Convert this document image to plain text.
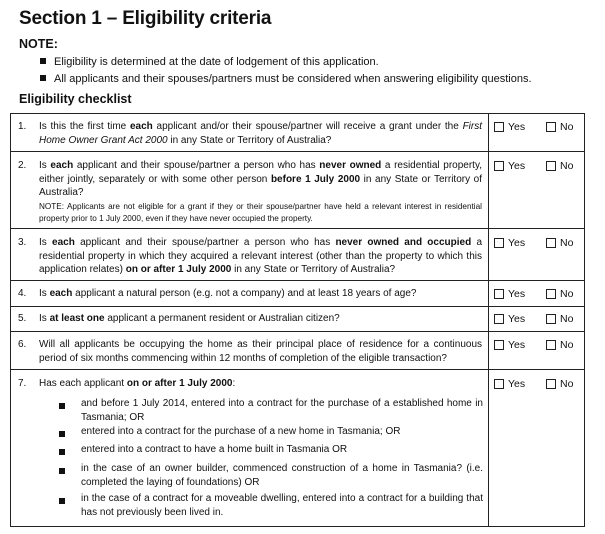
Section 1 – Eligibility criteria
NOTE:
Eligibility is determined at the date of lodgement of this application.
All applicants and their spouses/partners must be considered when answering eligibility questions.
Eligibility checklist
1. Is this the first time each applicant and/or their spouse/partner will receive a grant under the First Home Owner Grant Act 2000 in any State or Territory of Australia?
Yes	No
2. Is each applicant and their spouse/partner a person who has never owned a residential property, either jointly, separately or with some other person before 1 July 2000 in any State or Territory of Australia?
NOTE: Applicants are not eligible for a grant if they or their spouse/partner have held a relevant interest in residential property prior to 1 July 2000, even if they have never occupied the property.
Yes	No
3. Is each applicant and their spouse/partner a person who has never owned and occupied a residential property in which they acquired a relevant interest (other than the property to which this application relates) on or after 1 July 2000 in any State or Territory of Australia?
Yes	No
4. Is each applicant a natural person (e.g. not a company) and at least 18 years of age?	Yes	No
5. Is at least one applicant a permanent resident or Australian citizen?	Yes	No
6. Will all applicants be occupying the home as their principal place of residence for a continuous period of six months commencing within 12 months of completion of the eligible transaction?
Yes	No
7. Has each applicant on or after 1 July 2000:	Yes	No
and before 1 July 2014, entered into a contract for the purchase of a established home in Tasmania; OR
entered into a contract for the purchase of a new home in Tasmania; OR
entered into a contract to have a home built in Tasmania OR
in the case of an owner builder, commenced construction of a home in Tasmania? (i.e. completed the laying of foundations) OR
in the case of a contract for a moveable dwelling, entered into a contract for a building that has not previously been lived in.
